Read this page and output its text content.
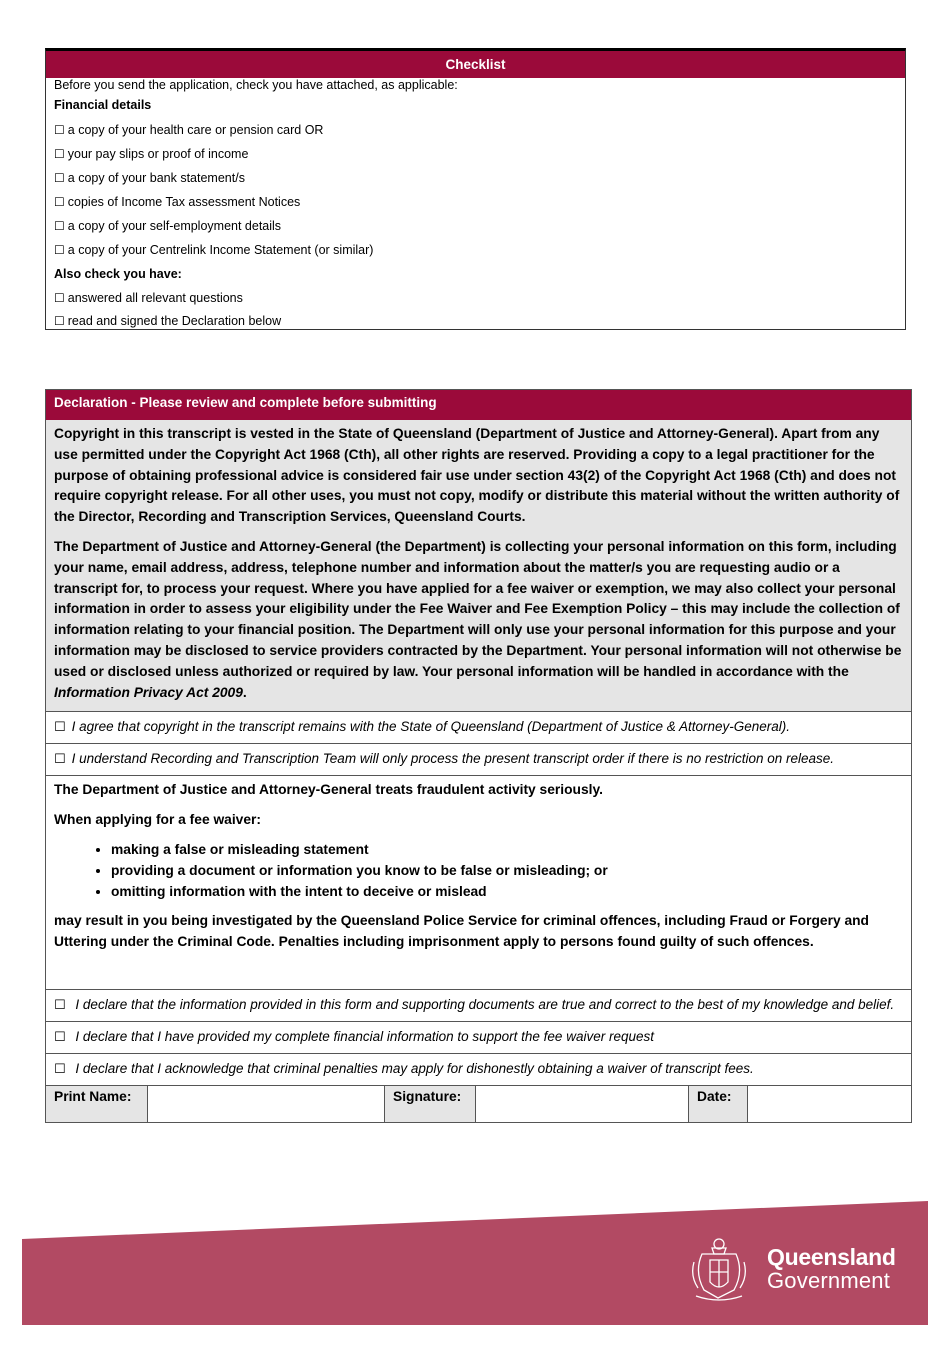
Checklist
Before you send the application, check you have attached, as applicable:
Financial details
☐ a copy of your health care or pension card OR
☐ your pay slips or proof of income
☐ a copy of your bank statement/s
☐ copies of Income Tax assessment Notices
☐ a copy of your self-employment details
☐ a copy of your Centrelink Income Statement (or similar)
Also check you have:
☐ answered all relevant questions
☐ read and signed the Declaration below
Declaration - Please review and complete before submitting

Copyright in this transcript is vested in the State of Queensland (Department of Justice and Attorney-General). Apart from any use permitted under the Copyright Act 1968 (Cth), all other rights are reserved. Providing a copy to a legal practitioner for the purpose of obtaining professional advice is considered fair use under section 43(2) of the Copyright Act 1968 (Cth) and does not require copyright release. For all other uses, you must not copy, modify or distribute this material without the written authority of the Director, Recording and Transcription Services, Queensland Courts.

The Department of Justice and Attorney-General (the Department) is collecting your personal information on this form, including your name, email address, address, telephone number and information about the matter/s you are requesting audio or a transcript for, to process your request. Where you have applied for a fee waiver or exemption, we may also collect your personal information in order to assess your eligibility under the Fee Waiver and Fee Exemption Policy – this may include the collection of information relating to your financial position. The Department will only use your personal information for this purpose and your information may be disclosed to service providers contracted by the Department. Your personal information will not otherwise be used or disclosed unless authorized or required by law. Your personal information will be handled in accordance with the Information Privacy Act 2009.

☐ I agree that copyright in the transcript remains with the State of Queensland (Department of Justice & Attorney-General).
☐ I understand Recording and Transcription Team will only process the present transcript order if there is no restriction on release.

The Department of Justice and Attorney-General treats fraudulent activity seriously.

When applying for a fee waiver:

• making a false or misleading statement
• providing a document or information you know to be false or misleading; or
• omitting information with the intent to deceive or mislead

may result in you being investigated by the Queensland Police Service for criminal offences, including Fraud or Forgery and Uttering under the Criminal Code. Penalties including imprisonment apply to persons found guilty of such offences.

☐ I declare that the information provided in this form and supporting documents are true and correct to the best of my knowledge and belief.
☐ I declare that I have provided my complete financial information to support the fee waiver request
☐ I declare that I acknowledge that criminal penalties may apply for dishonestly obtaining a waiver of transcript fees.
Print Name:	Signature:	Date:
Queensland
Government
